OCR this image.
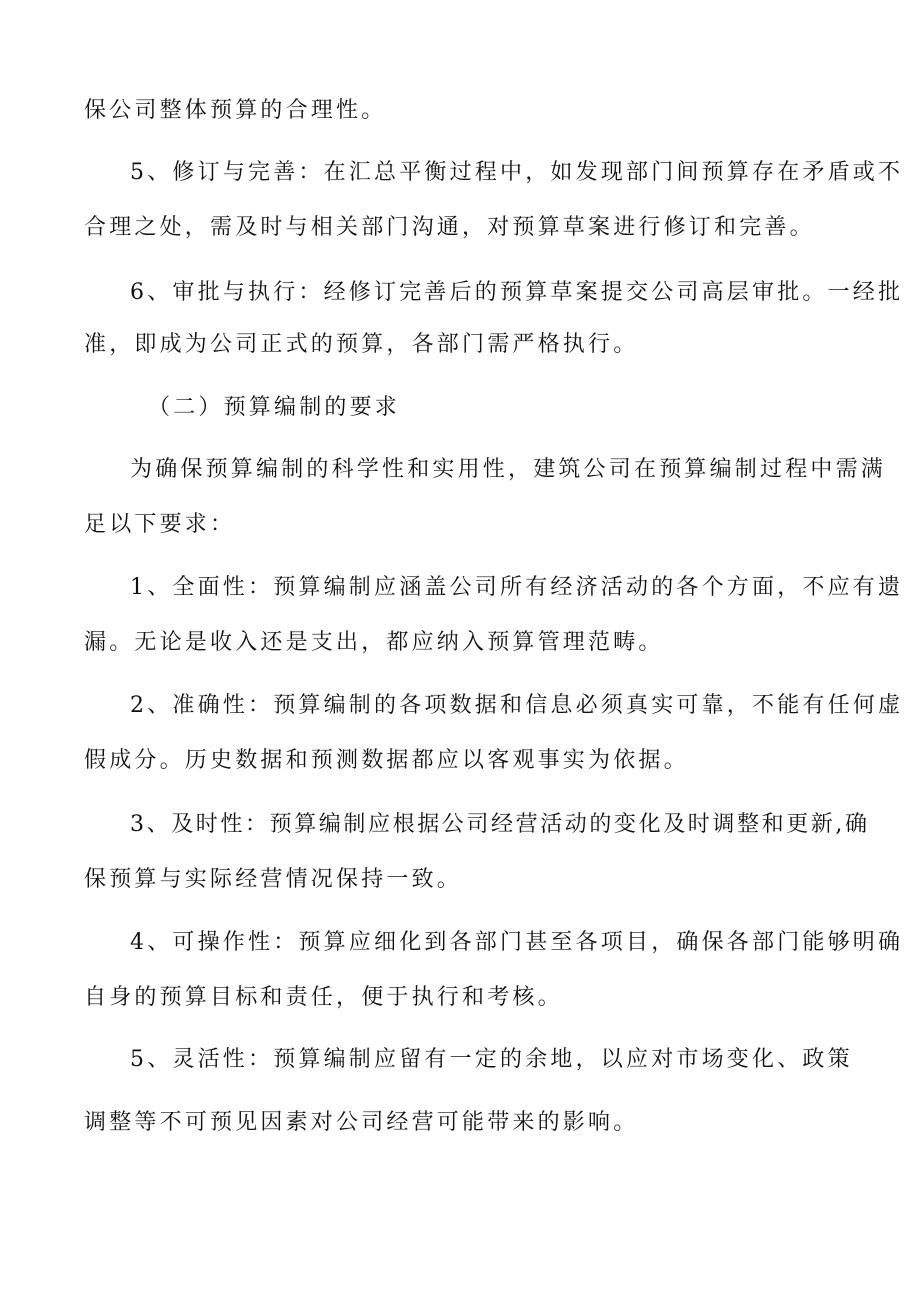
保公司整体预算的合理性。
5、修订与完善：在汇总平衡过程中，如发现部门间预算存在矛盾或不
合理之处，需及时与相关部门沟通，对预算草案进行修订和完善。
6、审批与执行：经修订完善后的预算草案提交公司高层审批。一经批
准，即成为公司正式的预算，各部门需严格执行。
（二）预算编制的要求
为确保预算编制的科学性和实用性，建筑公司在预算编制过程中需满
足以下要求：
1、全面性：预算编制应涵盖公司所有经济活动的各个方面，不应有遗
漏。无论是收入还是支出，都应纳入预算管理范畴。
2、准确性：预算编制的各项数据和信息必须真实可靠，不能有任何虚
假成分。历史数据和预测数据都应以客观事实为依据。
3、及时性：预算编制应根据公司经营活动的变化及时调整和更新,确
保预算与实际经营情况保持一致。
4、可操作性：预算应细化到各部门甚至各项目，确保各部门能够明确
自身的预算目标和责任，便于执行和考核。
5、灵活性：预算编制应留有一定的余地，以应对市场变化、政策
调整等不可预见因素对公司经营可能带来的影响。
